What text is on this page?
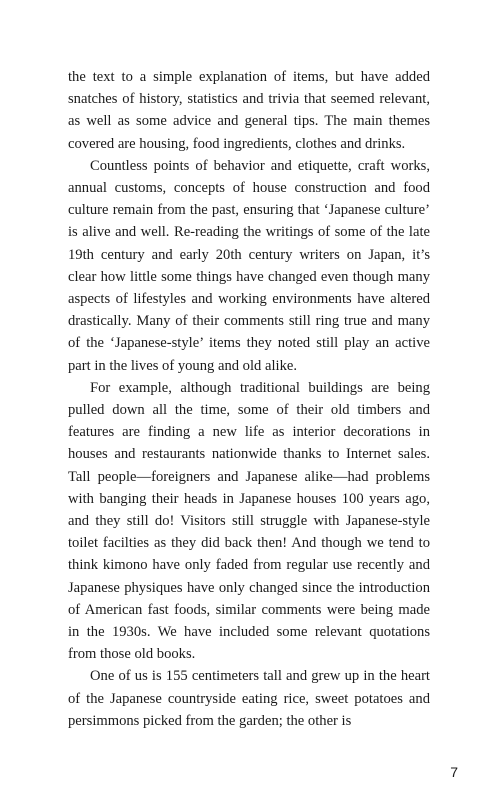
the text to a simple explanation of items, but have added snatches of history, statistics and trivia that seemed relevant, as well as some advice and general tips. The main themes covered are housing, food ingredients, clothes and drinks.

Countless points of behavior and etiquette, craft works, annual customs, concepts of house construction and food culture remain from the past, ensuring that ‘Japanese culture’ is alive and well. Re-reading the writings of some of the late 19th century and early 20th century writers on Japan, it’s clear how little some things have changed even though many aspects of lifestyles and working environments have altered drastically. Many of their comments still ring true and many of the ‘Japanese-style’ items they noted still play an active part in the lives of young and old alike.

For example, although traditional buildings are being pulled down all the time, some of their old timbers and features are finding a new life as interior decorations in houses and restaurants nationwide thanks to Internet sales. Tall people—foreigners and Japanese alike—had problems with banging their heads in Japanese houses 100 years ago, and they still do! Visitors still struggle with Japanese-style toilet facilties as they did back then! And though we tend to think kimono have only faded from regular use recently and Japanese physiques have only changed since the introduction of American fast foods, similar comments were being made in the 1930s. We have included some relevant quotations from those old books.

One of us is 155 centimeters tall and grew up in the heart of the Japanese countryside eating rice, sweet potatoes and persimmons picked from the garden; the other is

7
